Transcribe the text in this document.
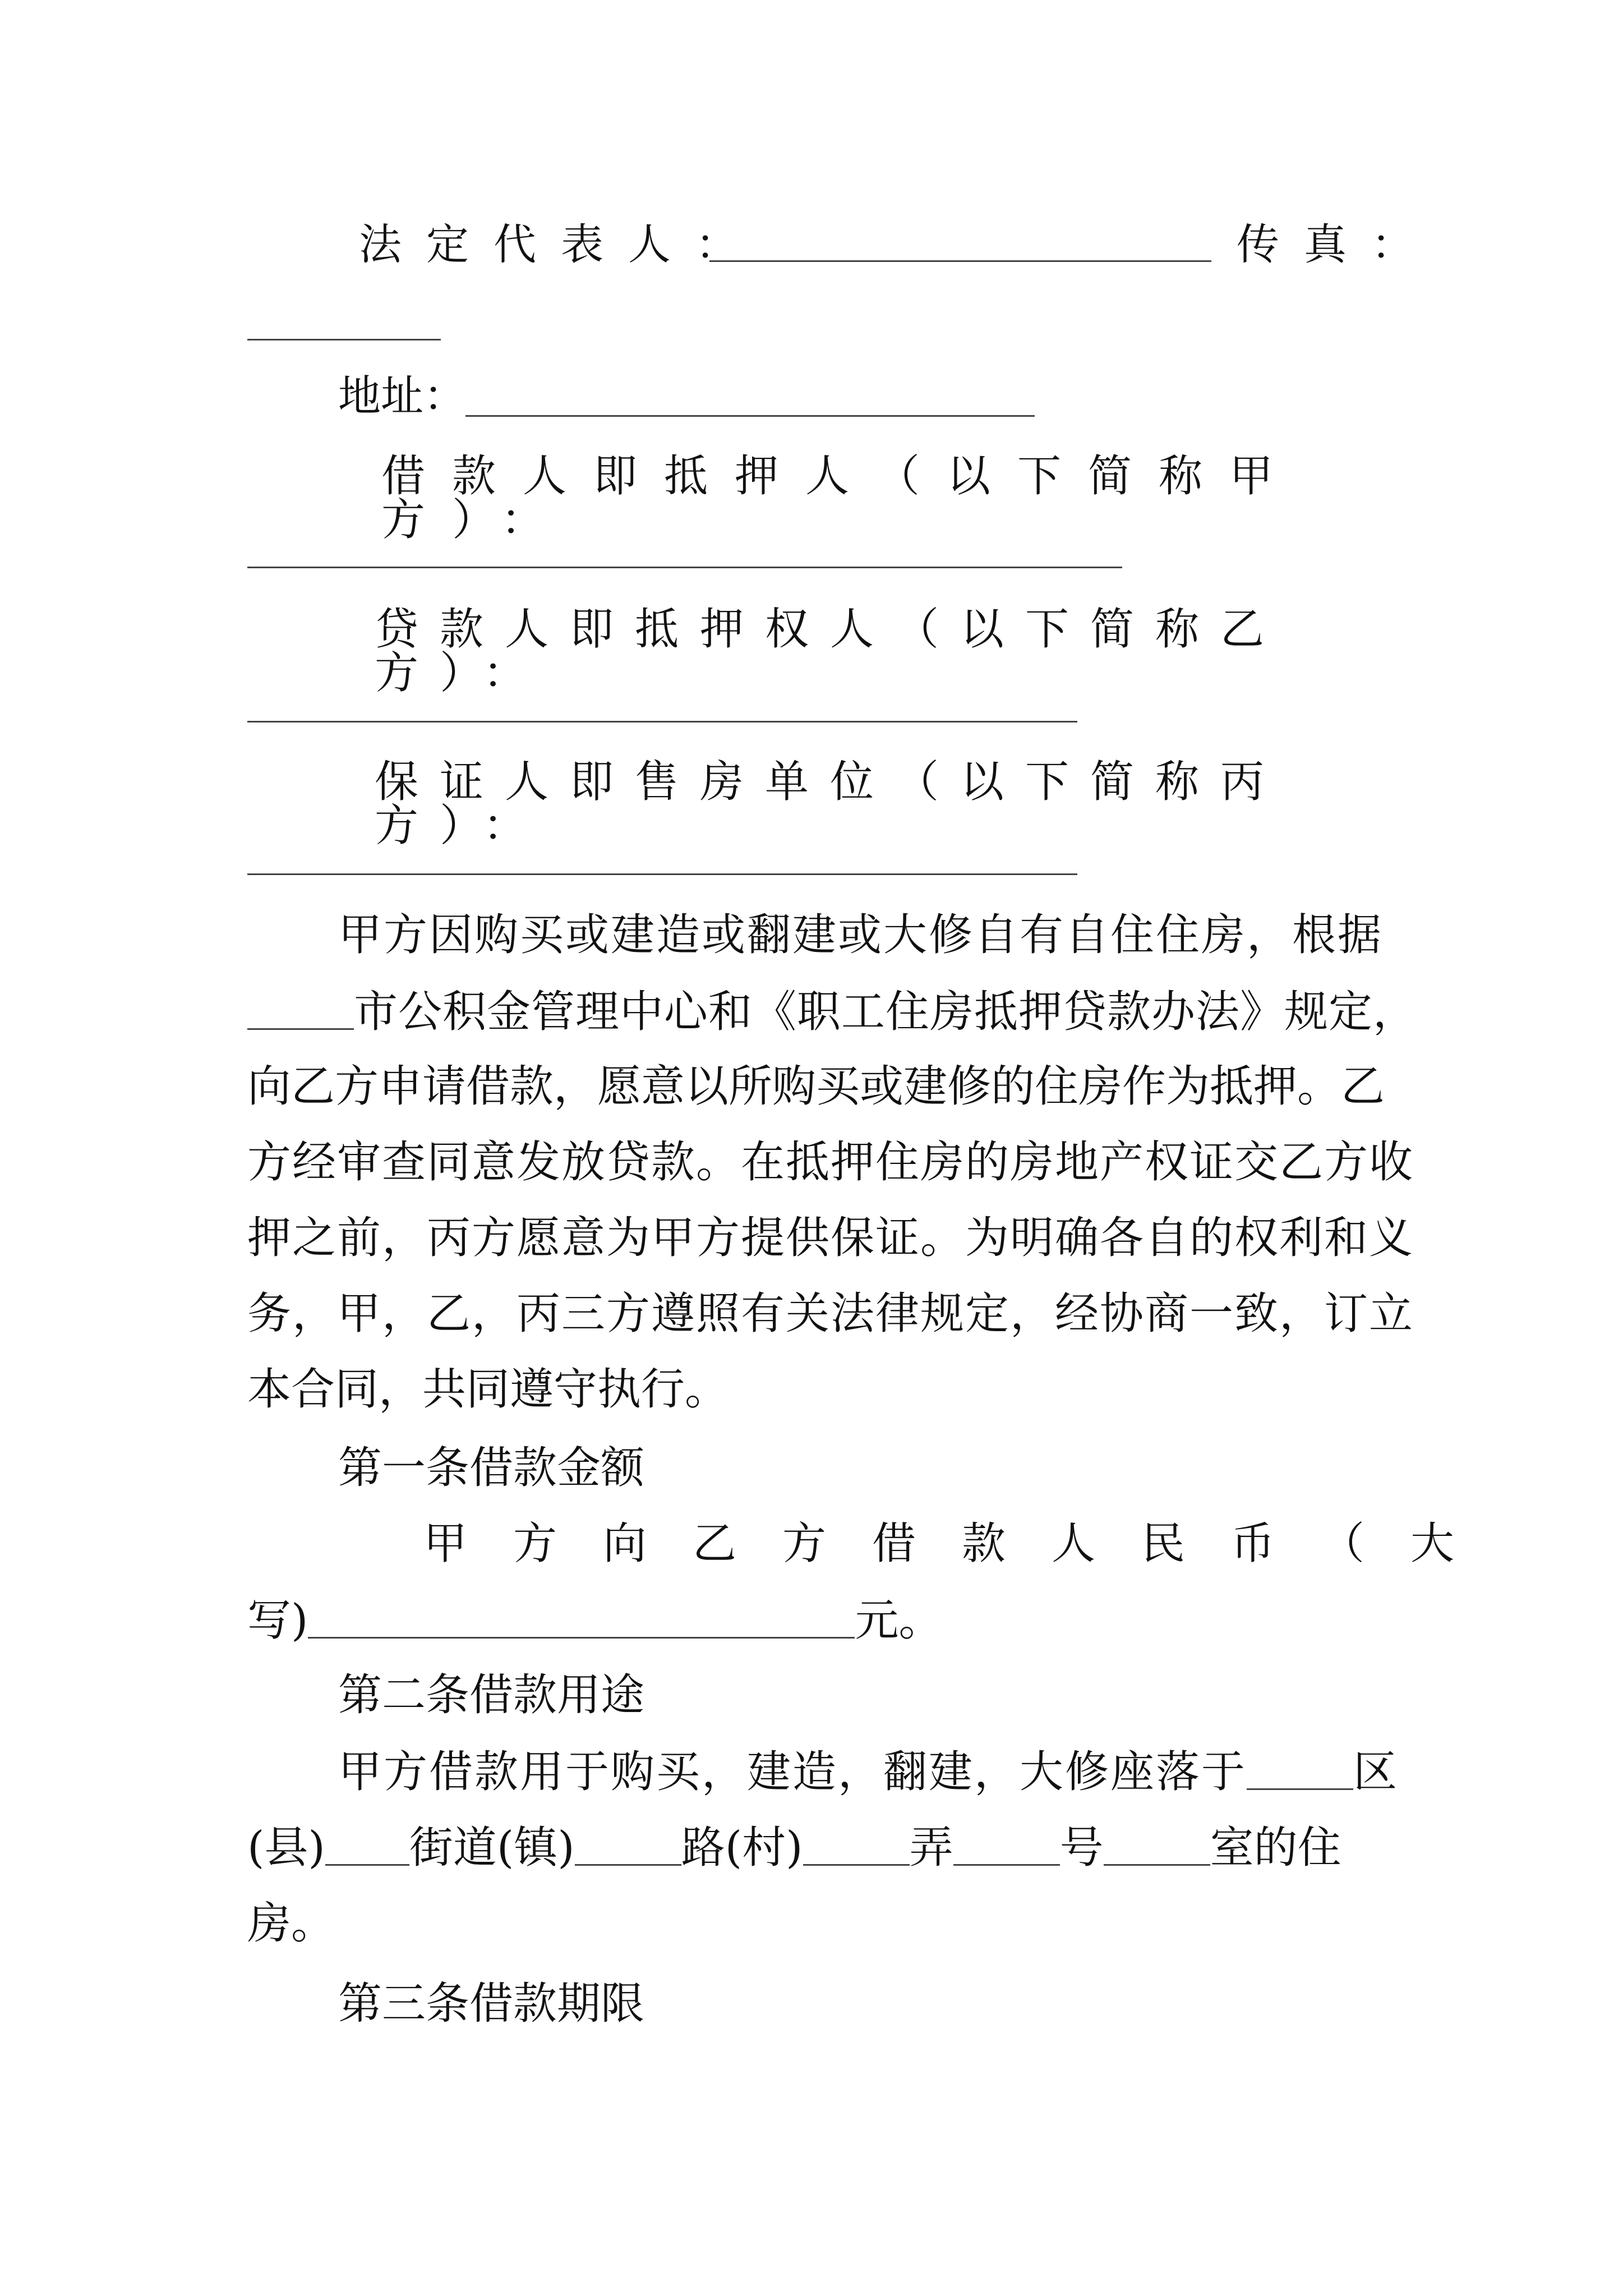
法定代表人：	传真：
地址：
借款人即抵押人（以下简称甲方）：
贷款人即抵押权人（以下简称乙方）：
保证人即售房单位（以下简称丙方）：
甲方因购买或建造或翻建或大修自有自住住房，根据
市公积金管理中心和《职工住房抵押贷款办法》规定，
向乙方申请借款，愿意以所购买或建修的住房作为抵押。乙
方经审查同意发放贷款。在抵押住房的房地产权证交乙方收
押之前，丙方愿意为甲方提供保证。为明确各自的权利和义
务，甲，乙，丙三方遵照有关法律规定，经协商一致，订立
本合同，共同遵守执行。
第一条借款金额
甲方向乙方借款人民币（大
写)	元。
第二条借款用途
甲方借款用于购买，建造，翻建，大修座落于 区
(县) 街道(镇) 路(村) 弄 号 室的住
房。
第三条借款期限
